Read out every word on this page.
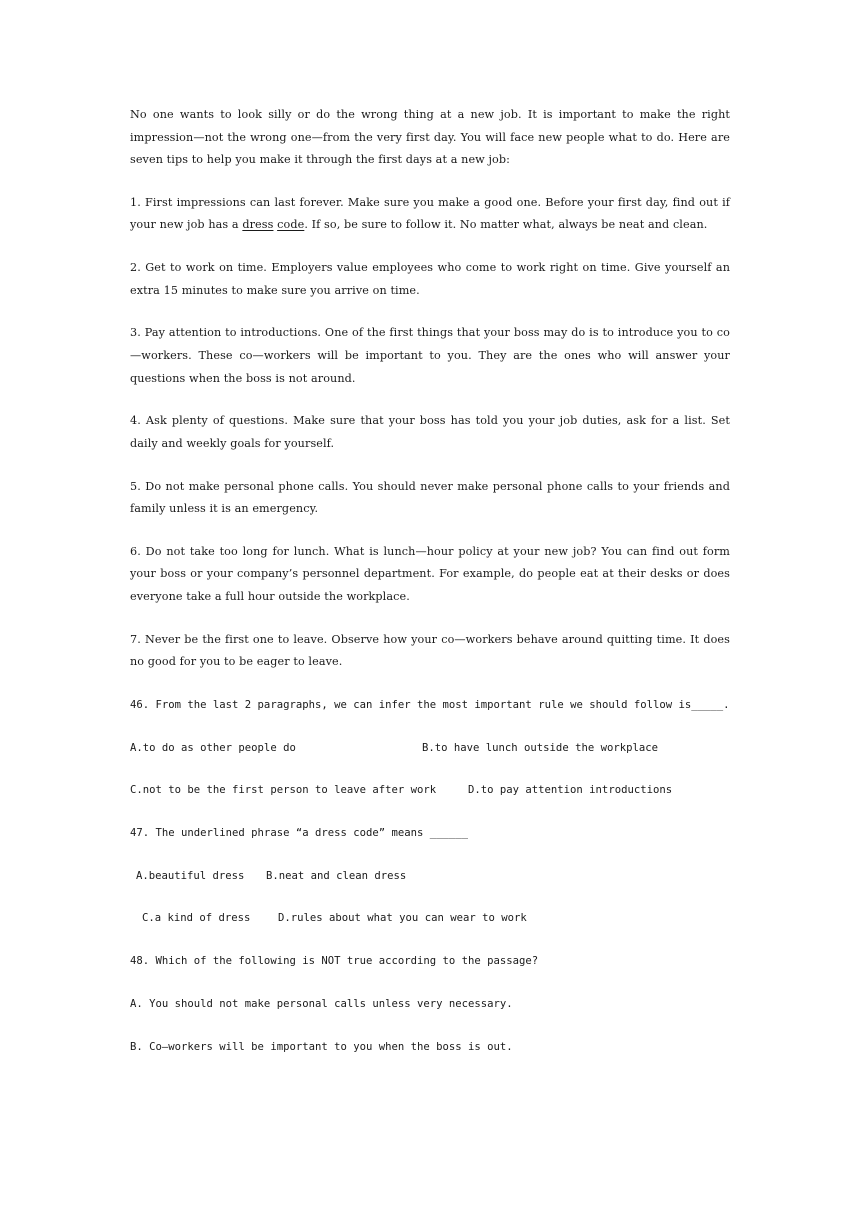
No one wants to look silly or do the wrong thing at a new job. It is important to make the right impression—not the wrong one—from the very first day. You will face new people what to do. Here are seven tips to help you make it through the first days at a new job:

1. First impressions can last forever. Make sure you make a good one. Before your first day, find out if your new job has a dress code. If so, be sure to follow it. No matter what, always be neat and clean.

2. Get to work on time. Employers value employees who come to work right on time. Give yourself an extra 15 minutes to make sure you arrive on time.

3. Pay attention to introductions. One of the first things that your boss may do is to introduce you to co—workers. These co—workers will be important to you. They are the ones who will answer your questions when the boss is not around.

4. Ask plenty of questions. Make sure that your boss has told you your job duties, ask for a list. Set daily and weekly goals for yourself.

5. Do not make personal phone calls. You should never make personal phone calls to your friends and family unless it is an emergency.

6. Do not take too long for lunch. What is lunch—hour policy at your new job? You can find out form your boss or your company’s personnel department. For example, do people eat at their desks or does everyone take a full hour outside the workplace.

7. Never be the first one to leave. Observe how your co—workers behave around quitting time. It does no good for you to be eager to leave.

46. From the last 2 paragraphs, we can infer the most important rule we should follow is_____.

A.to do as other people do

	B.to have lunch outside the workplace

C.not to be the first person to leave after work

	D.to pay attention introductions

47. The underlined phrase “a dress code” means ______

A.beautiful dress

B.neat and clean dress

C.a kind of dress

	D.rules about what you can wear to work

48. Which of the following is NOT true according to the passage?
A. You should not make personal calls unless very necessary.
B. Co—workers will be important to you when the boss is out.
